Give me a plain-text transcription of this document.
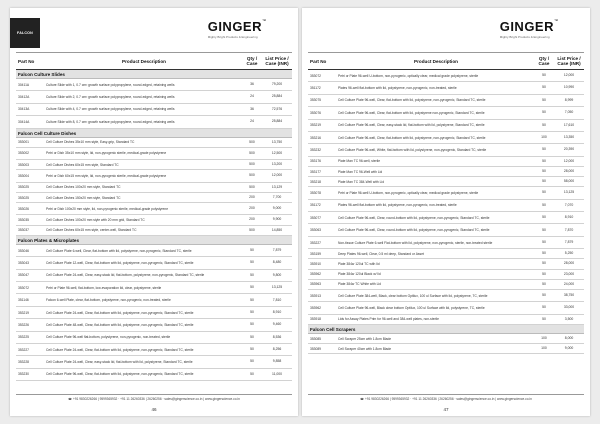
FALCON	GINGER™
Mighty Bright Products & Engineering
Part No	Product Description
Qty / Case
List Price / Case (INR)
Falcon Culture Slides
30411A	Culture Slide with 1, 0.7 cm² growth surface polypropylene, round-edged, retaining wells	36	79,200
30412A	Culture Slide with 2, 0.7 cm² growth surface polypropylene, round-edged, retaining wells	24	25,884
30413A	Culture Slide with 4, 0.7 cm² growth surface polypropylene, round-edged, retaining wells	36	72,576
30414A	Culture Slide with 8, 0.7 cm² growth surface polypropylene, round-edged, retaining wells	24	25,884
Falcon Cell Culture Dishes
353001	Cell Culture Dishes 35x10 mm style, Easy-grip, Standard TC	500	13,750
353002	Petri or Dish 35x10 mm style, lid, non-pyrogenic sterile, medical-grade polystyrene	500	12,500
353003	Cell Culture Dishes 60x15 mm style, Standard TC	500	13,200
353004	Petri or Dish 60x15 mm style, lid, non-pyrogenic sterile, medical-grade polystyrene	500	12,000
353025	Cell Culture Dishes 100x20 mm style, Standard TC	500	13,129
353025	Cell Culture Dishes 150x20 mm style, Standard TC	200	7,700
353026	Petri or Dish 100x20 mm style, lid, non-pyrogenic sterile, medical-grade polystyrene	200	9,000
353035	Cell Culture Dishes 100x20 mm style with 20 mm grid, Standard TC	200	9,900
353037	Cell Culture Dishes 60x15 mm style, center-well, Standard TC	500	14,850
Falcon Plates & Microplates
353046	Cell Culture Plate 6-well, Clear, flat-bottom with lid, polystyrene, non-pyrogenic, Standard TC, sterile	50	7,879
353043	Cell Culture Plate 12-well, Clear, flat-bottom with lid, polystyrene, non-pyrogenic, Standard TC, sterile	50	8,480
353047	Cell Culture Plate 24-well, Clear, easy-stack lid, flat-bottom, polystyrene, non-pyrogenic, Standard TC, sterile	50	9,800
353072	Petri or Plate 96-well, flat-bottom, low-evaporation lid, clear, polystyrene, sterile	50	13,125
351146	Falcon 6-well Plate, clear, flat-bottom, polystyrene, non-pyrogenic, non-treated, sterile	50	7,810
353219	Cell Culture Plate 24-well, Clear, flat-bottom with lid, polystyrene, non-pyrogenic, Standard TC, sterile	50	8,910
353226	Cell Culture Plate 48-well, Clear, flat-bottom with lid, polystyrene, non-pyrogenic, Standard TC, sterile	50	9,460
353225	Cell Culture Plate 96-well flat-bottom, polystyrene, non-pyrogenic, non-treated, sterile	50	8,536
353227	Cell Culture Plate 24-well, Clear, flat-bottom with lid, polystyrene, non-pyrogenic, Standard TC, sterile	50	8,256
353228	Cell Culture Plate 24-well, Clear, easy-stack lid, flat-bottom with lid, polystyrene, Standard TC, sterile	50	9,858
353230	Cell Culture Plate 96-well, Clear, flat-bottom with lid, polystyrene, non-pyrogenic, Standard TC, sterile	50	11,000
☎ +91 9830226266 | 9599365932 · +91 11 26260336 | 26260256 · sales@gingerscience.co.in | www.gingerscience.co.in
46
GINGER™
Mighty Bright Products & Engineering
Part No	Product Description
Qty / Case
List Price / Case (INR)
353072	Petri or Plate 96-well U-bottom, non-pyrogenic, optically clear, medical grade polystyrene, sterile	50	12,000
351172	Plates 96-well flat-bottom with lid, polystyrene, non-pyrogenic, non-treated, sterile	50	10,990
353075	Cell Culture Plate 96-well, Clear, flat-bottom with lid, polystyrene, non-pyrogenic, Standard TC, sterile	50	8,999
353076	Cell Culture Plate 96-well, Clear, flat-bottom with lid, polystyrene non-pyrogenic, Standard TC, sterile	50	7,050
353219	Cell Culture Plate 96-well, Clear, easy-stack lid, flat-bottom with lid, polystyrene, Standard TC, sterile	50	17,610
353216	Cell Culture Plate 96-well, Clear, flat-bottom with lid, polystyrene, non-pyrogenic, Standard TC, sterile	100	13,350
353232	Cell Culture Plate 96-well, White, flat-bottom with lid, polystyrene, non-pyrogenic, Standard TC, sterile	50	20,390
353176	Plate Man TC 96-well, sterile	50	12,000
353177	Plate Man TC 96-Well with Lid	50	28,000
353218	Plate Man TC 384-Well with Lid	50	58,000
353078	Petri or Plate 96-well U-bottom, non-pyrogenic, optically clear, medical grade polystyrene, sterile	50	13,125
351172	Plates 96-well flat-bottom with lid, polystyrene, non-pyrogenic, non-treated, sterile	50	7,070
353077	Cell Culture Plate 96-well, Clear, round-bottom with lid, polystyrene, non-pyrogenic, Standard TC, sterile	50	8,910
353063	Cell Culture Plate 96-well, Clear, round-bottom with lid, polystyrene, non-pyrogenic, Standard TC, sterile	50	7,870
353227	Non-tissue Culture Plate 6-well Flat-bottom with lid, polystyrene, non-pyrogenic, sterile, non-treated sterile	50	7,879
353159	Deep Plates 96-well, Clear, 0.5 ml deep, Standard or Asset	50	5,250
353910	Plate 384w 120ul TC with lid	50	28,000
353962	Plate 384w 120ul Black w/ lid	50	23,000
353963	Plate 384w TC White with Lid	50	24,000
353913	Cell Culture Plate 384-well, Black, clear bottom Optilux, 100 ul Surface with lid, polystyrene, TC, sterile	50	38,750
353962	Cell Culture Plate 96-well, Black clear bottom Optilux, 100 ul Surface with lid, polystyrene, TC, sterile	50	33,000
353918	Lids for Assay Plates Prim for 96-well and 384-well plates, non-sterile	50	3,500
Falcon Cell Scrapers
353085	Cell Scraper 25cm with 1.8cm Blade	100	8,000
353089	Cell Scraper 40cm with 1.8cm Blade	100	9,000
☎ +91 9830226266 | 9599365932 · +91 11 26260336 | 26260256 · sales@gingerscience.co.in | www.gingerscience.co.in
47
